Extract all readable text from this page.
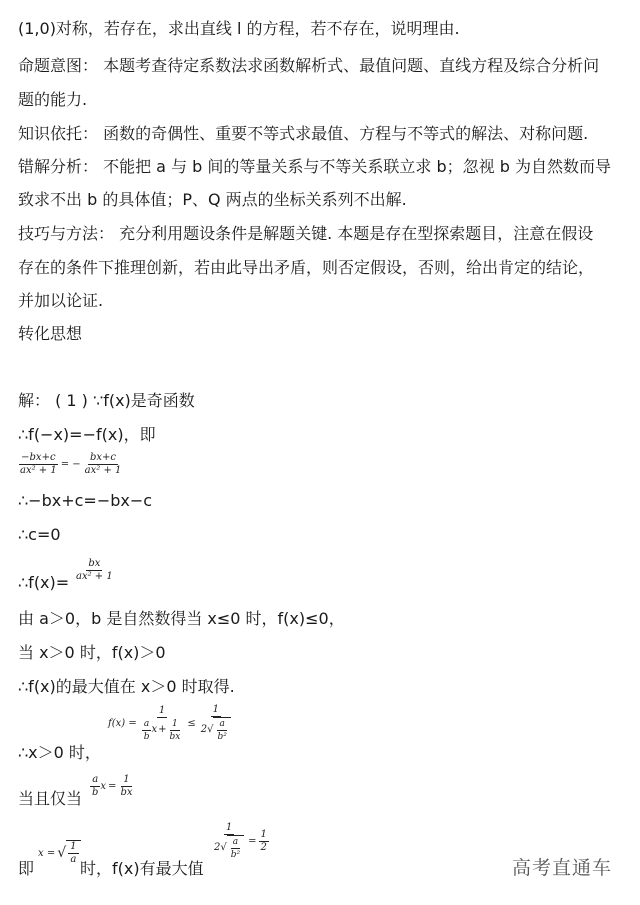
(1,0)对称，若存在，求出直线 l 的方程，若不存在，说明理由.
命题意图： 本题考查待定系数法求函数解析式、最值问题、直线方程及综合分析问
题的能力.
知识依托： 函数的奇偶性、重要不等式求最值、方程与不等式的解法、对称问题.
错解分析： 不能把 a 与 b 间的等量关系与不等关系联立求 b；忽视 b 为自然数而导
致求不出 b 的具体值；P、Q 两点的坐标关系列不出解.
技巧与方法： 充分利用题设条件是解题关键. 本题是存在型探索题目，注意在假设
存在的条件下推理创新，若由此导出矛盾，则否定假设，否则，给出肯定的结论，
并加以论证.
转化思想
解： ( 1 ) ∵f(x)是奇函数
∴f(−x)=−f(x)，即
$\frac{-bx+c}{\text{ax² + 1}}$ = − $\frac{bx+c}{\text{ax² + 1}}$
∴−bx+c=−bx−c
∴c=0
∴f(x)= $\frac{bx}{\text{ax² + 1}}$
由 a＞0，b 是自然数得当 x≤0 时，f(x)≤0，
当 x＞0 时，f(x)＞0
∴f(x)的最大值在 x＞0 时取得.
$f(x) = \frac{1}{\frac{a}{b} x + \frac{1}{bx}} \le \frac{1}{2 √ \frac{a}{\text{b²}}}$
∴x＞0 时，
当且仅当 $\frac{a}{b}$ $x = \frac{1}{bx}$
即
x = √ $\frac{1}{a}$
时，f(x)有最大值
$\frac{1}{2 √ \frac{a}{\text{b²}}} = \frac{1}{2}$
高考直通车
